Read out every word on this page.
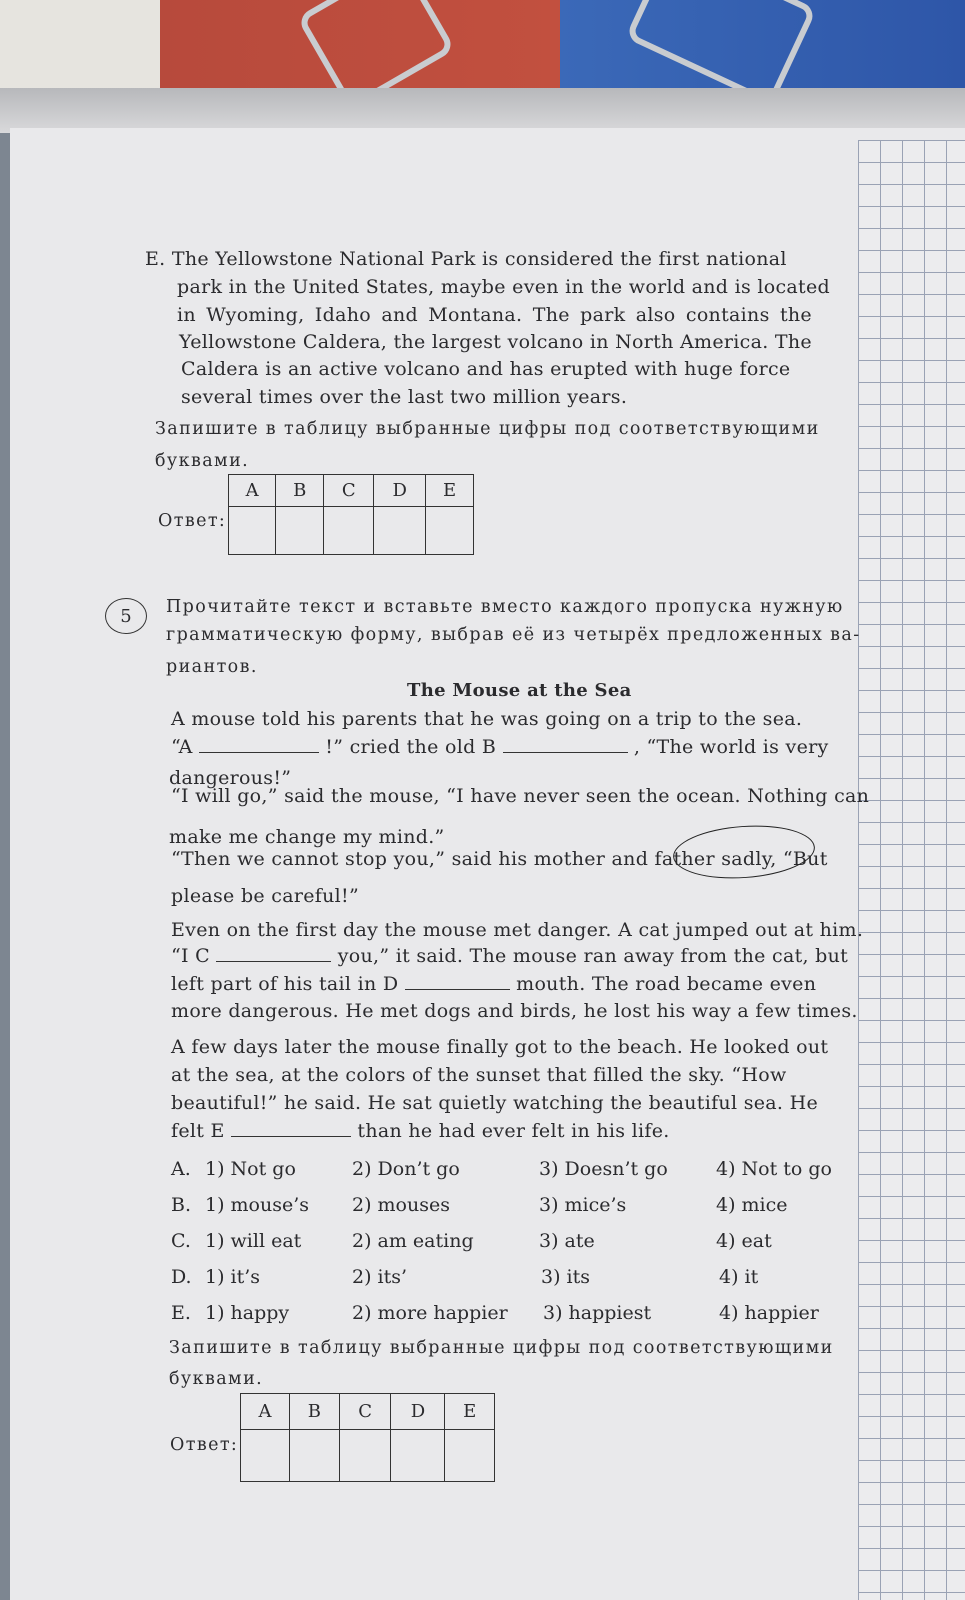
E. The Yellowstone National Park is considered the first national
park in the United States, maybe even in the world and is located
in Wyoming, Idaho and Montana. The park also contains the
Yellowstone Caldera, the largest volcano in North America. The
Caldera is an active volcano and has erupted with huge force
several times over the last two million years.
Запишите в таблицу выбранные цифры под соответствующими
буквами.
Ответ:
A	B	C	D	E

5 Прочитайте текст и вставьте вместо каждого пропуска нужную
грамматическую форму, выбрав её из четырёх предложенных ва-
риантов.
The Mouse at the Sea
A mouse told his parents that he was going on a trip to the sea.
“A	!” cried the old B	, “The world is very
dangerous!”
“I will go,” said the mouse, “I have never seen the ocean. Nothing can
make me change my mind.”
“Then we cannot stop you,” said his mother and father sadly, “But
please be careful!”
Even on the first day the mouse met danger. A cat jumped out at him.
“I C	you,” it said. The mouse ran away from the cat, but
left part of his tail in D	mouth. The road became even
more dangerous. He met dogs and birds, he lost his way a few times.
A few days later the mouse finally got to the beach. He looked out
at the sea, at the colors of the sunset that filled the sky. “How
beautiful!” he said. He sat quietly watching the beautiful sea. He
felt E	than he had ever felt in his life.
A. 1) Not go	2) Don’t go	3) Doesn’t go	4) Not to go
B. 1) mouse’s 2) mouses	3) mice’s	4) mice
C. 1) will eat	2) am eating	3) ate	4) eat
D. 1) it’s	2) its’	3) its	4) it
E. 1) happy	2) more happier 3) happiest	4) happier
Запишите в таблицу выбранные цифры под соответствующими
буквами.
Ответ:
A	B	C	D	E
